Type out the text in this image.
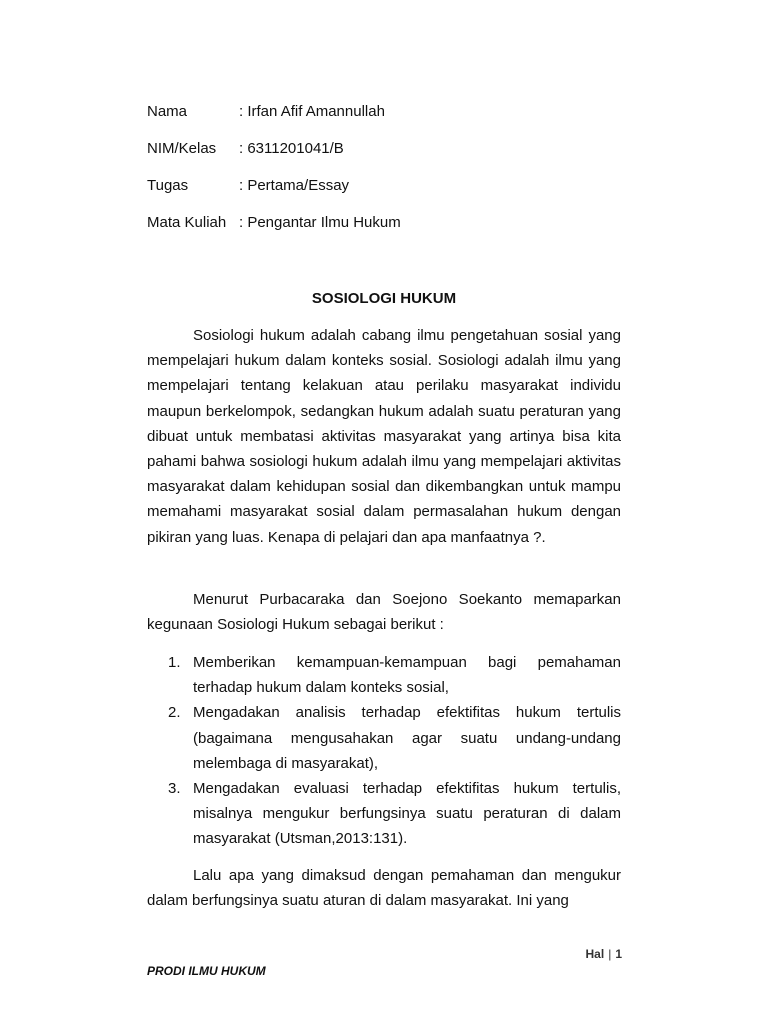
Nama	: Irfan Afif Amannullah
NIM/Kelas : 6311201041/B
Tugas	: Pertama/Essay
Mata Kuliah : Pengantar Ilmu Hukum
SOSIOLOGI HUKUM

Sosiologi hukum adalah cabang ilmu pengetahuan sosial yang mempelajari hukum dalam konteks sosial. Sosiologi adalah ilmu yang mempelajari tentang kelakuan atau perilaku masyarakat individu maupun berkelompok, sedangkan hukum adalah suatu peraturan yang dibuat untuk membatasi aktivitas masyarakat yang artinya bisa kita pahami bahwa sosiologi hukum adalah ilmu yang mempelajari aktivitas masyarakat dalam kehidupan sosial dan dikembangkan untuk mampu memahami masyarakat sosial dalam permasalahan hukum dengan pikiran yang luas. Kenapa di pelajari dan apa manfaatnya ?.

Menurut Purbacaraka dan Soejono Soekanto memaparkan kegunaan Sosiologi Hukum sebagai berikut :

1. Memberikan kemampuan-kemampuan bagi pemahaman terhadap hukum dalam konteks sosial,
2. Mengadakan analisis terhadap efektifitas hukum tertulis (bagaimana mengusahakan agar suatu undang-undang melembaga di masyarakat),
3. Mengadakan evaluasi terhadap efektifitas hukum tertulis, misalnya mengukur berfungsinya suatu peraturan di dalam masyarakat (Utsman,2013:131).

Lalu apa yang dimaksud dengan pemahaman dan mengukur dalam berfungsinya suatu aturan di dalam masyarakat. Ini yang

Hal | 1
PRODI ILMU HUKUM
